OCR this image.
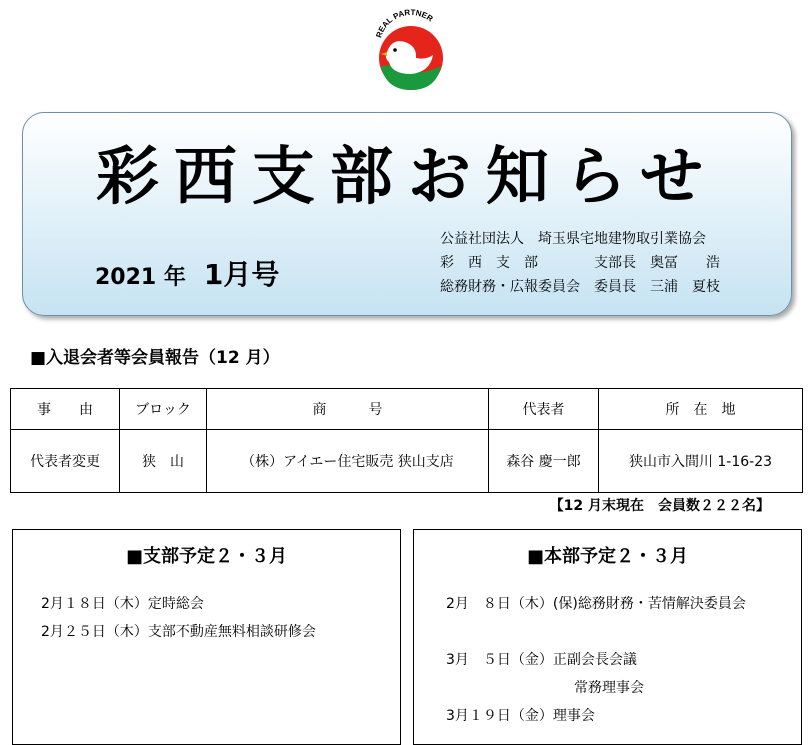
REAL PARTNER
彩西支部お知らせ
2021 年 1月号
公益社団法人　埼玉県宅地建物取引業協会
彩　西　支　部　　　　支部長　奥冨　　浩
総務財務・広報委員会　委員長　三浦　夏枝
■入退会者等会員報告（12 月）
事　　由	ブロック	商　　　号	代表者	所　在　地
代表者変更	狭　山	（株）アイエー住宅販売 狭山支店	森谷 慶一郎	狭山市入間川 1-16-23
【12 月末現在　会員数２２２名】
■支部予定２・３月
2月１８日（木）定時総会
2月２５日（木）支部不動産無料相談研修会
■本部予定２・３月
2月　８日（木）(保)総務財務・苦情解決委員会
3月　５日（金）正副会長会議
常務理事会
3月１９日（金）理事会
